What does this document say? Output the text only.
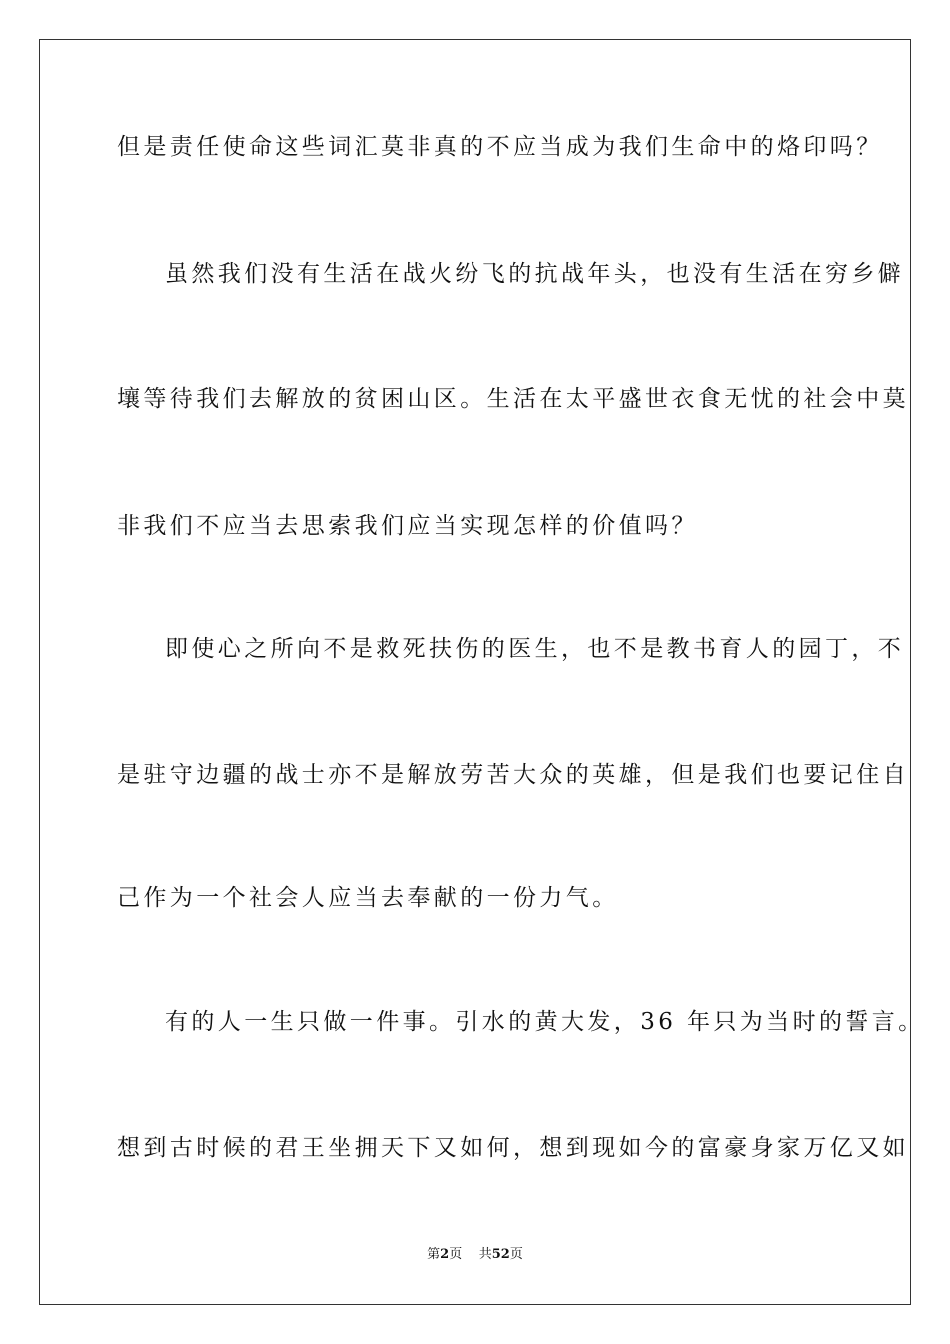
但是责任使命这些词汇莫非真的不应当成为我们生命中的烙印吗？
虽然我们没有生活在战火纷飞的抗战年头，也没有生活在穷乡僻
壤等待我们去解放的贫困山区。生活在太平盛世衣食无忧的社会中莫
非我们不应当去思索我们应当实现怎样的价值吗？
即使心之所向不是救死扶伤的医生，也不是教书育人的园丁，不
是驻守边疆的战士亦不是解放劳苦大众的英雄，但是我们也要记住自
己作为一个社会人应当去奉献的一份力气。
有的人一生只做一件事。引水的黄大发，36 年只为当时的誓言。
想到古时候的君王坐拥天下又如何，想到现如今的富豪身家万亿又如
第2页 共52页
